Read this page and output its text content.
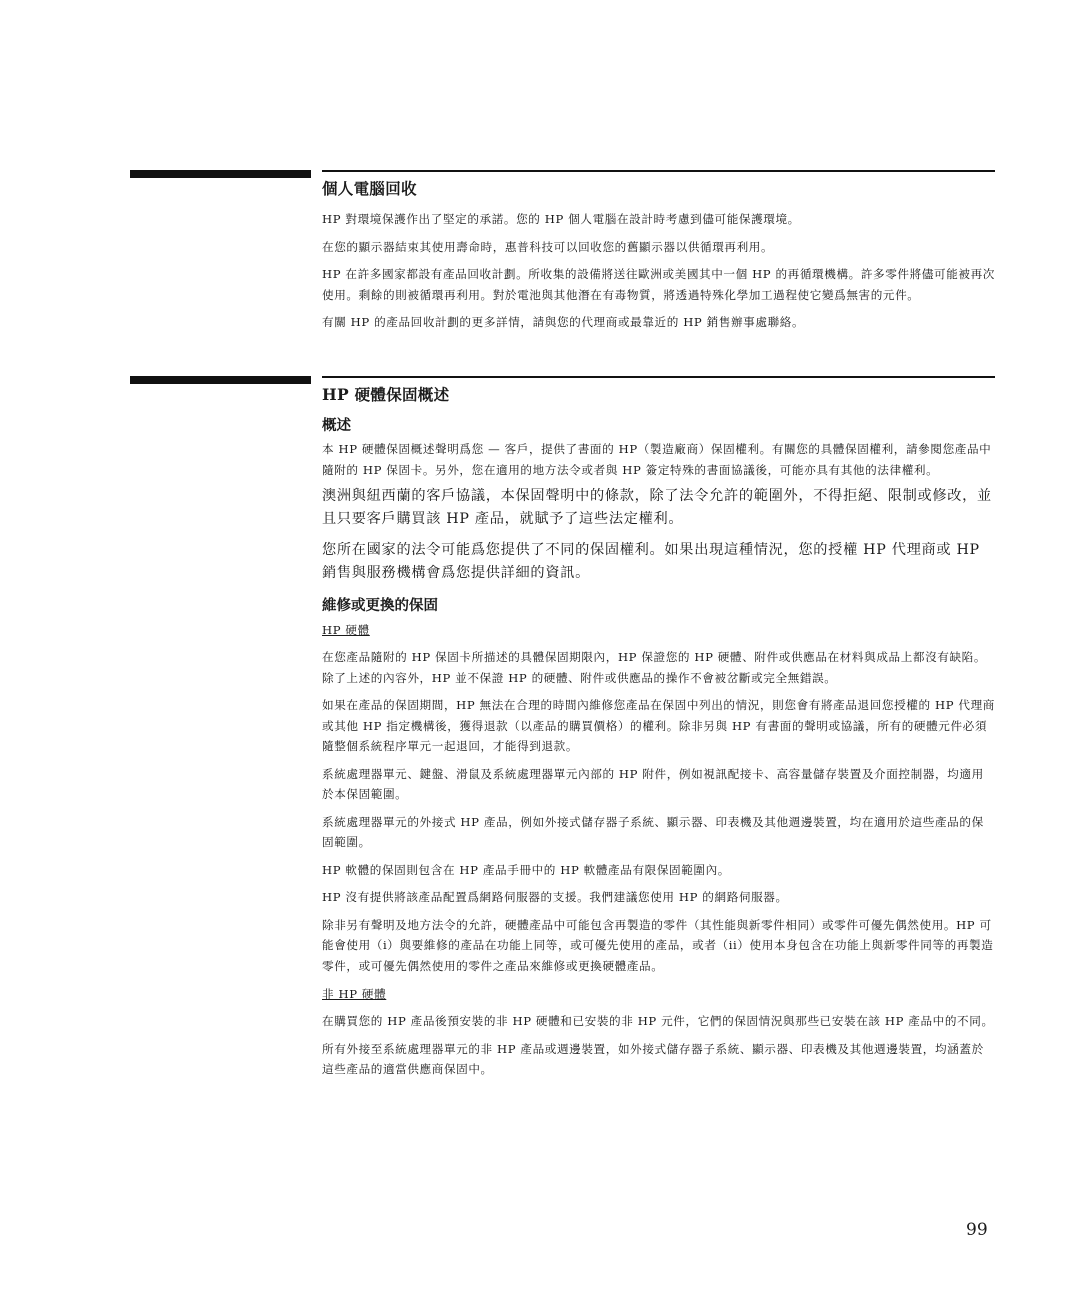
個人電腦回收

HP 對環境保護作出了堅定的承諾。您的 HP 個人電腦在設計時考慮到儘可能保護環境。

在您的顯示器結束其使用壽命時，惠普科技可以回收您的舊顯示器以供循環再利用。

HP 在許多國家都設有產品回收計劃。所收集的設備將送往歐洲或美國其中一個 HP 的再循環機構。許多零件將儘可能被再次使用。剩餘的則被循環再利用。對於電池與其他潛在有毒物質，將透過特殊化學加工過程使它變爲無害的元件。

有關 HP 的產品回收計劃的更多詳情，請與您的代理商或最靠近的 HP 銷售辦事處聯絡。

HP 硬體保固概述
概述

本 HP 硬體保固概述聲明爲您 — 客戶，提供了書面的 HP（製造廠商）保固權利。有關您的具體保固權利，請參閱您產品中隨附的 HP 保固卡。另外，您在適用的地方法令或者與 HP 簽定特殊的書面協議後，可能亦具有其他的法律權利。

澳洲與紐西蘭的客戶協議，本保固聲明中的條款，除了法令允許的範圍外，不得拒絕、限制或修改，並且只要客戶購買該 HP 產品，就賦予了這些法定權利。

您所在國家的法令可能爲您提供了不同的保固權利。如果出現這種情況，您的授權 HP 代理商或 HP 銷售與服務機構會爲您提供詳細的資訊。

維修或更換的保固
HP 硬體

在您產品隨附的 HP 保固卡所描述的具體保固期限內，HP 保證您的 HP 硬體、附件或供應品在材料與成品上都沒有缺陷。除了上述的內容外，HP 並不保證 HP 的硬體、附件或供應品的操作不會被岔斷或完全無錯誤。

如果在產品的保固期間，HP 無法在合理的時間內維修您產品在保固中列出的情況，則您會有將產品退回您授權的 HP 代理商或其他 HP 指定機構後，獲得退款（以產品的購買價格）的權利。除非另與 HP 有書面的聲明或協議，所有的硬體元件必須隨整個系統程序單元一起退回，才能得到退款。

系統處理器單元、鍵盤、滑鼠及系統處理器單元內部的 HP 附件，例如視訊配接卡、高容量儲存裝置及介面控制器，均適用於本保固範圍。

系統處理器單元的外接式 HP 產品，例如外接式儲存器子系統、顯示器、印表機及其他週邊裝置，均在適用於這些產品的保固範圍。

HP 軟體的保固則包含在 HP 產品手冊中的 HP 軟體產品有限保固範圍內。

HP 沒有提供將該產品配置爲網路伺服器的支援。我們建議您使用 HP 的網路伺服器。

除非另有聲明及地方法令的允許，硬體產品中可能包含再製造的零件（其性能與新零件相同）或零件可優先偶然使用。HP 可能會使用（i）與要維修的產品在功能上同等，或可優先使用的產品，或者（ii）使用本身包含在功能上與新零件同等的再製造零件，或可優先偶然使用的零件之產品來維修或更換硬體產品。

非 HP 硬體

在購買您的 HP 產品後預安裝的非 HP 硬體和已安裝的非 HP 元件，它們的保固情況與那些已安裝在該 HP 產品中的不同。

所有外接至系統處理器單元的非 HP 產品或週邊裝置，如外接式儲存器子系統、顯示器、印表機及其他週邊裝置，均涵蓋於這些產品的適當供應商保固中。

99
